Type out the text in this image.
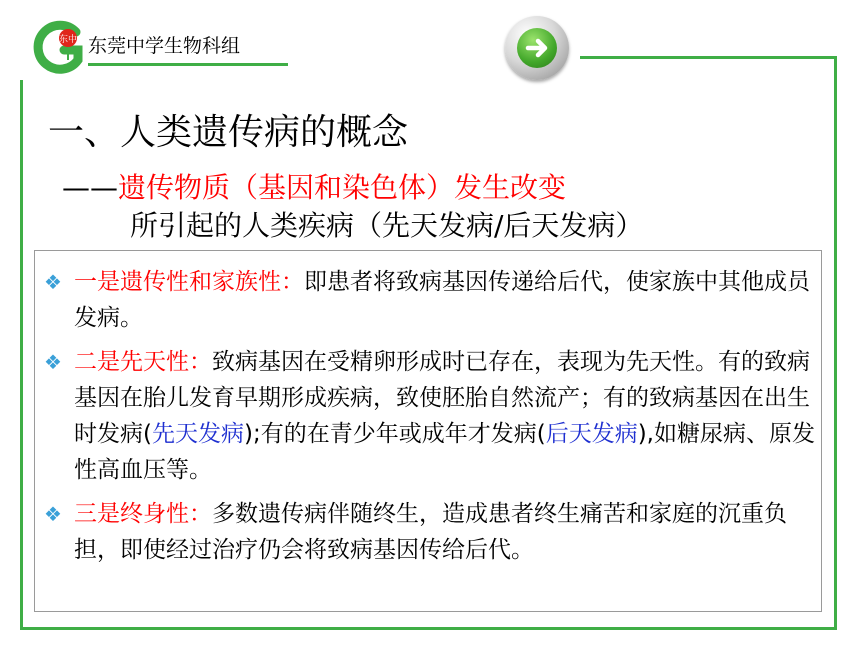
东中 东莞中学生物科组
一、人类遗传病的概念
——遗传物质（基因和染色体）发生改变
所引起的人类疾病（先天发病/后天发病）
❖ 一是遗传性和家族性：即患者将致病基因传递给后代，使家族中其他成员发病。
❖ 二是先天性：致病基因在受精卵形成时已存在，表现为先天性。有的致病基因在胎儿发育早期形成疾病，致使胚胎自然流产；有的致病基因在出生时发病(先天发病);有的在青少年或成年才发病(后天发病),如糖尿病、原发性高血压等。
❖ 三是终身性：多数遗传病伴随终生，造成患者终生痛苦和家庭的沉重负担，即使经过治疗仍会将致病基因传给后代。
